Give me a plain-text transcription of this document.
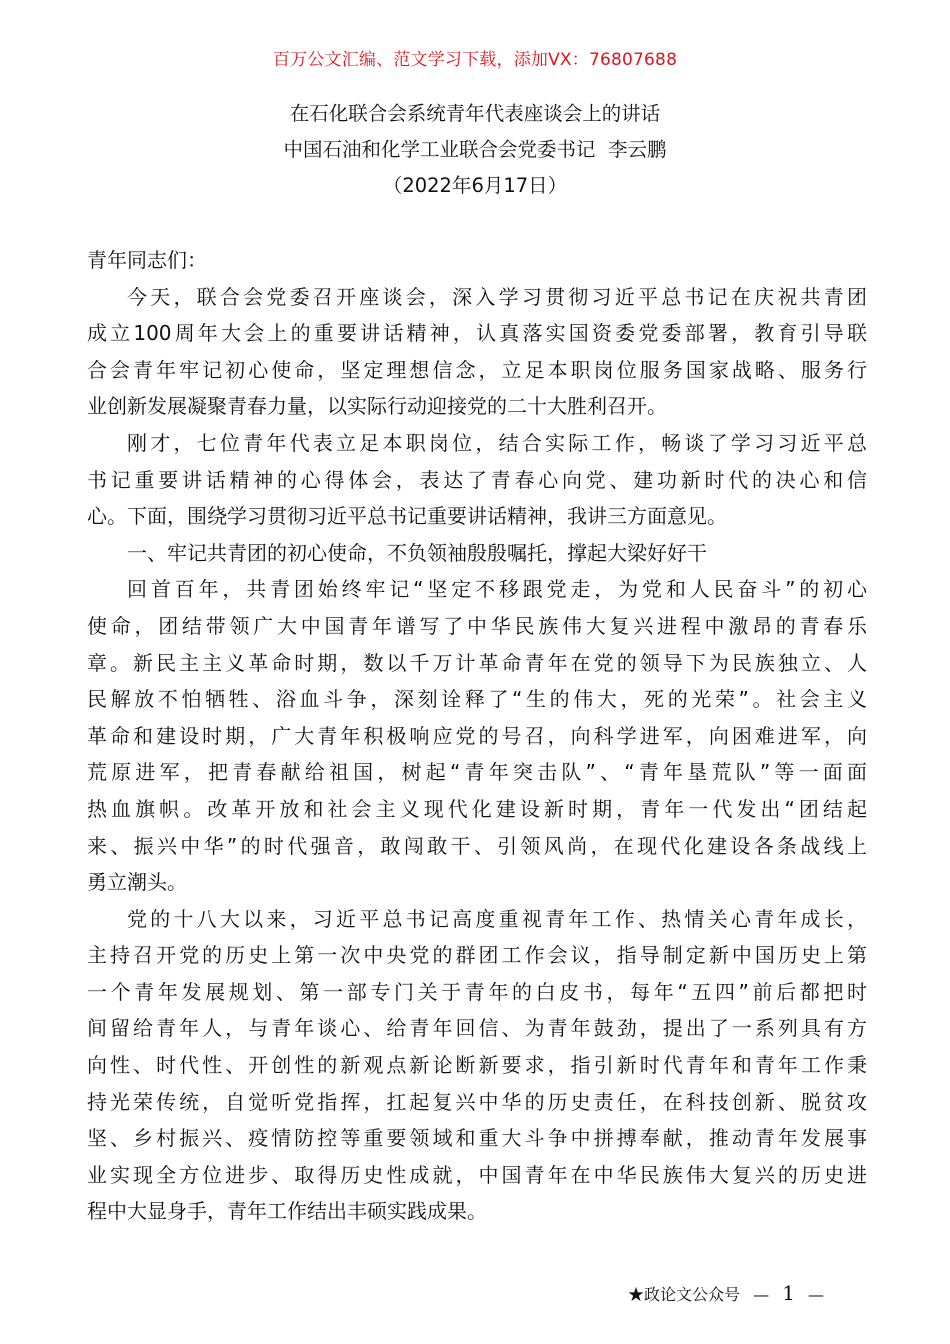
百万公文汇编、范文学习下载，添加VX：76807688
在石化联合会系统青年代表座谈会上的讲话
中国石油和化学工业联合会党委书记  李云鹏
（2022年6月17日）
青年同志们：
今天，联合会党委召开座谈会，深入学习贯彻习近平总书记在庆祝共青团
成立100周年大会上的重要讲话精神，认真落实国资委党委部署，教育引导联
合会青年牢记初心使命，坚定理想信念，立足本职岗位服务国家战略、服务行
业创新发展凝聚青春力量，以实际行动迎接党的二十大胜利召开。
刚才，七位青年代表立足本职岗位，结合实际工作，畅谈了学习习近平总
书记重要讲话精神的心得体会，表达了青春心向党、建功新时代的决心和信
心。下面，围绕学习贯彻习近平总书记重要讲话精神，我讲三方面意见。
一、牢记共青团的初心使命，不负领袖殷殷嘱托，撑起大梁好好干
回首百年，共青团始终牢记“坚定不移跟党走，为党和人民奋斗”的初心
使命，团结带领广大中国青年谱写了中华民族伟大复兴进程中激昂的青春乐
章。新民主主义革命时期，数以千万计革命青年在党的领导下为民族独立、人
民解放不怕牺牲、浴血斗争，深刻诠释了“生的伟大，死的光荣”。社会主义
革命和建设时期，广大青年积极响应党的号召，向科学进军，向困难进军，向
荒原进军，把青春献给祖国，树起“青年突击队”、“青年垦荒队”等一面面
热血旗帜。改革开放和社会主义现代化建设新时期，青年一代发出“团结起
来、振兴中华”的时代强音，敢闯敢干、引领风尚，在现代化建设各条战线上
勇立潮头。
党的十八大以来，习近平总书记高度重视青年工作、热情关心青年成长，
主持召开党的历史上第一次中央党的群团工作会议，指导制定新中国历史上第
一个青年发展规划、第一部专门关于青年的白皮书，每年“五四”前后都把时
间留给青年人，与青年谈心、给青年回信、为青年鼓劲，提出了一系列具有方
向性、时代性、开创性的新观点新论断新要求，指引新时代青年和青年工作秉
持光荣传统，自觉听党指挥，扛起复兴中华的历史责任，在科技创新、脱贫攻
坚、乡村振兴、疫情防控等重要领域和重大斗争中拼搏奉献，推动青年发展事
业实现全方位进步、取得历史性成就，中国青年在中华民族伟大复兴的历史进
程中大显身手，青年工作结出丰硕实践成果。
★政论文公众号 — 1 —
